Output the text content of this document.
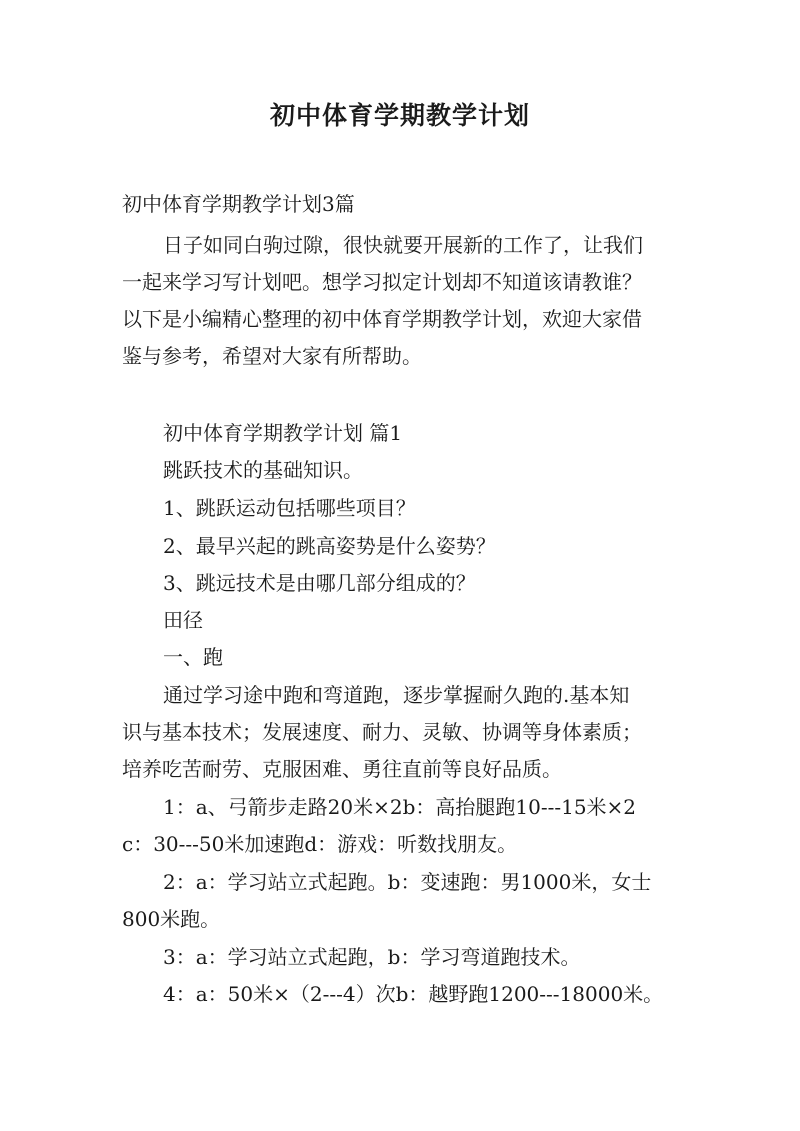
初中体育学期教学计划
初中体育学期教学计划3篇
日子如同白驹过隙，很快就要开展新的工作了，让我们
一起来学习写计划吧。想学习拟定计划却不知道该请教谁？
以下是小编精心整理的初中体育学期教学计划，欢迎大家借
鉴与参考，希望对大家有所帮助。
初中体育学期教学计划 篇1
跳跃技术的基础知识。
1、跳跃运动包括哪些项目？
2、最早兴起的跳高姿势是什么姿势？
3、跳远技术是由哪几部分组成的？
田径
一、跑
通过学习途中跑和弯道跑，逐步掌握耐久跑的.基本知
识与基本技术；发展速度、耐力、灵敏、协调等身体素质；
培养吃苦耐劳、克服困难、勇往直前等良好品质。
1：a、弓箭步走路20米×2b：高抬腿跑10---15米×2
c：30---50米加速跑d：游戏：听数找朋友。
2：a：学习站立式起跑。b：变速跑：男1000米，女士
800米跑。
3：a：学习站立式起跑，b：学习弯道跑技术。
4：a：50米×（2---4）次b：越野跑1200---18000米。
